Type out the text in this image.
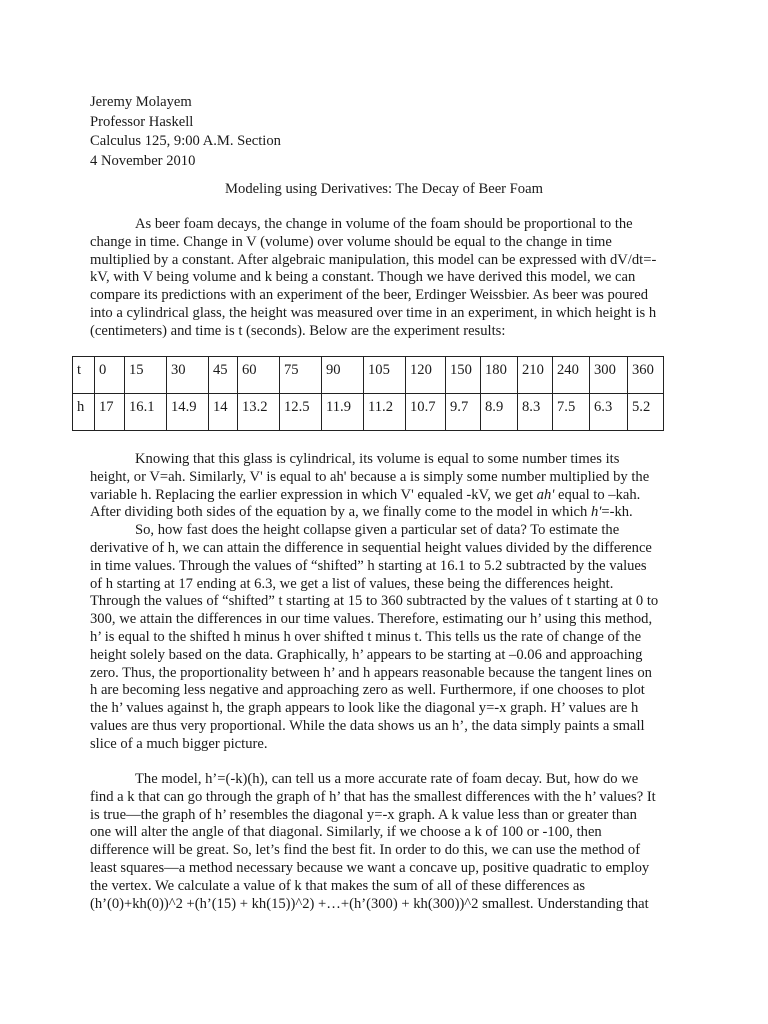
Jeremy Molayem
Professor Haskell
Calculus 125, 9:00 A.M. Section
4 November 2010
Modeling using Derivatives: The Decay of Beer Foam
As beer foam decays, the change in volume of the foam should be proportional to the
change in time. Change in V (volume) over volume should be equal to the change in time
multiplied by a constant. After algebraic manipulation, this model can be expressed with dV/dt=-
kV, with V being volume and k being a constant. Though we have derived this model, we can
compare its predictions with an experiment of the beer, Erdinger Weissbier. As beer was poured
into a cylindrical glass, the height was measured over time in an experiment, in which height is h
(centimeters) and time is t (seconds). Below are the experiment results:
t	0	15	30	45	60	75	90	105	120	150	180	210	240	300	360
h	17	16.1	14.9	14	13.2	12.5	11.9	11.2	10.7	9.7	8.9	8.3	7.5	6.3	5.2
Knowing that this glass is cylindrical, its volume is equal to some number times its
height, or V=ah. Similarly, V' is equal to ah' because a is simply some number multiplied by the
variable h. Replacing the earlier expression in which V' equaled -kV, we get ah' equal to –kah.
After dividing both sides of the equation by a, we finally come to the model in which h'=-kh.
So, how fast does the height collapse given a particular set of data? To estimate the
derivative of h, we can attain the difference in sequential height values divided by the difference
in time values. Through the values of “shifted” h starting at 16.1 to 5.2 subtracted by the values
of h starting at 17 ending at 6.3, we get a list of values, these being the differences height.
Through the values of “shifted” t starting at 15 to 360 subtracted by the values of t starting at 0 to
300, we attain the differences in our time values. Therefore, estimating our h’ using this method,
h’ is equal to the shifted h minus h over shifted t minus t. This tells us the rate of change of the
height solely based on the data. Graphically, h’ appears to be starting at –0.06 and approaching
zero. Thus, the proportionality between h’ and h appears reasonable because the tangent lines on
h are becoming less negative and approaching zero as well. Furthermore, if one chooses to plot
the h’ values against h, the graph appears to look like the diagonal y=-x graph. H’ values are h
values are thus very proportional. While the data shows us an h’, the data simply paints a small
slice of a much bigger picture.
The model, h’=(-k)(h), can tell us a more accurate rate of foam decay. But, how do we
find a k that can go through the graph of h’ that has the smallest differences with the h’ values? It
is true—the graph of h’ resembles the diagonal y=-x graph. A k value less than or greater than
one will alter the angle of that diagonal. Similarly, if we choose a k of 100 or -100, then
difference will be great. So, let’s find the best fit. In order to do this, we can use the method of
least squares—a method necessary because we want a concave up, positive quadratic to employ
the vertex. We calculate a value of k that makes the sum of all of these differences as
(h’(0)+kh(0))^2 +(h’(15) + kh(15))^2) +…+(h’(300) + kh(300))^2 smallest. Understanding that
